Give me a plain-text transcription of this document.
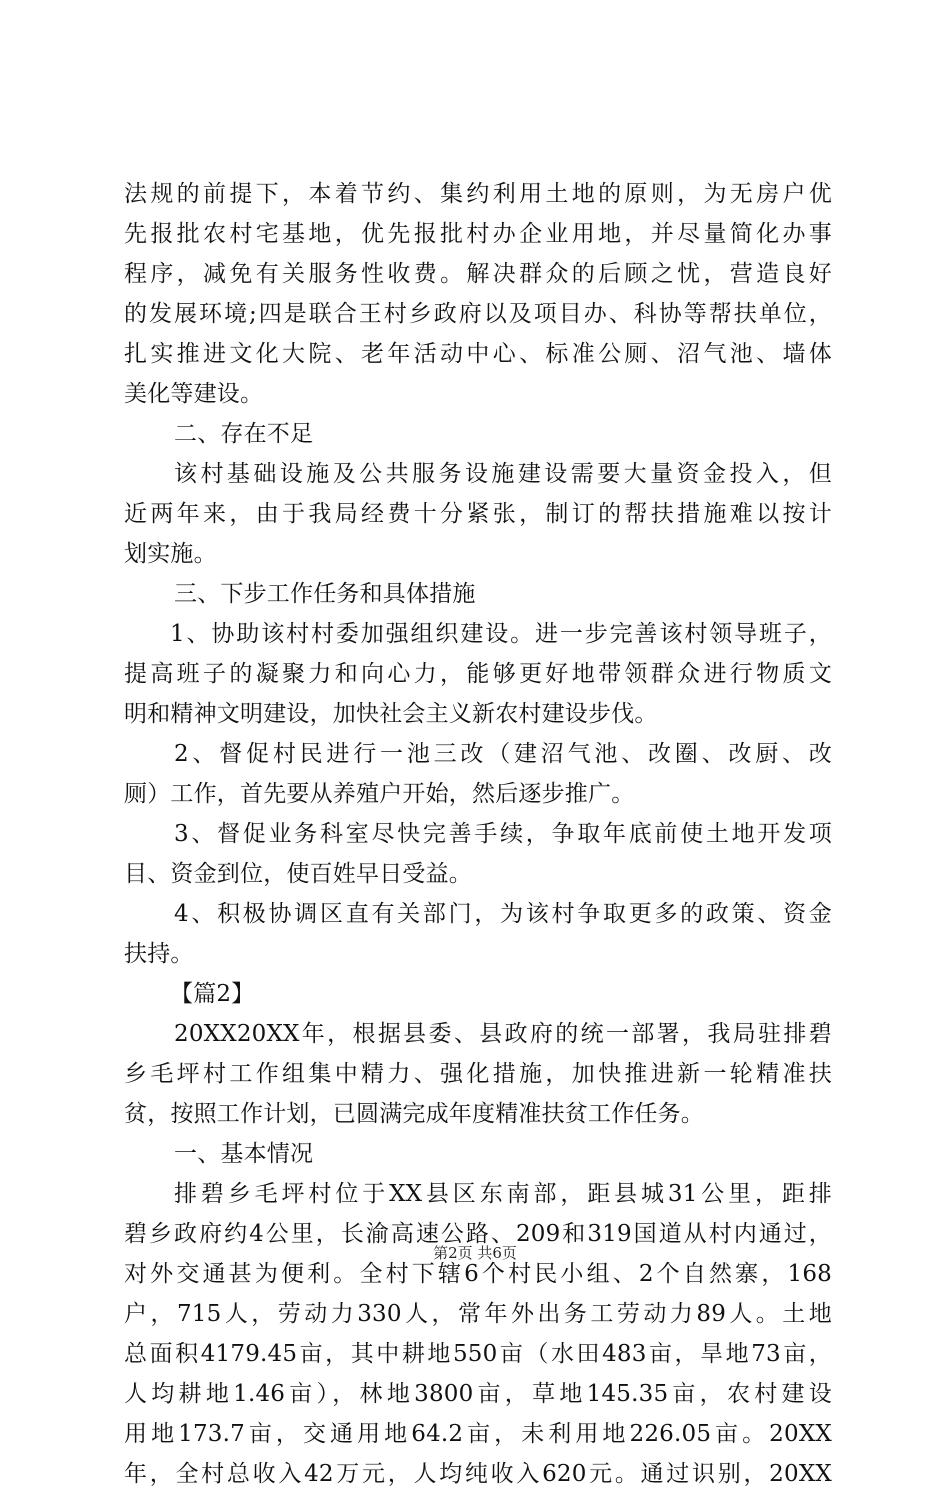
法规的前提下，本着节约、集约利用土地的原则，为无房户优
先报批农村宅基地，优先报批村办企业用地，并尽量简化办事
程序，减免有关服务性收费。解决群众的后顾之忧，营造良好
的发展环境;四是联合王村乡政府以及项目办、科协等帮扶单位，
扎实推进文化大院、老年活动中心、标准公厕、沼气池、墙体
美化等建设。
二、存在不足
该村基础设施及公共服务设施建设需要大量资金投入，但
近两年来，由于我局经费十分紧张，制订的帮扶措施难以按计
划实施。
三、下步工作任务和具体措施
1、协助该村村委加强组织建设。进一步完善该村领导班子，
提高班子的凝聚力和向心力，能够更好地带领群众进行物质文
明和精神文明建设，加快社会主义新农村建设步伐。
2、督促村民进行一池三改（建沼气池、改圈、改厨、改
厕）工作，首先要从养殖户开始，然后逐步推广。
3、督促业务科室尽快完善手续，争取年底前使土地开发项
目、资金到位，使百姓早日受益。
4、积极协调区直有关部门，为该村争取更多的政策、资金
扶持。
【篇2】
20XX20XX年，根据县委、县政府的统一部署，我局驻排碧
乡毛坪村工作组集中精力、强化措施，加快推进新一轮精准扶
贫，按照工作计划，已圆满完成年度精准扶贫工作任务。
一、基本情况
排碧乡毛坪村位于XX县区东南部，距县城31公里，距排
碧乡政府约4公里，长渝高速公路、209和319国道从村内通过，
对外交通甚为便利。全村下辖6个村民小组、2个自然寨，168
户，715人，劳动力330人，常年外出务工劳动力89人。土地
总面积4179.45亩，其中耕地550亩（水田483亩，旱地73亩，
人均耕地1.46亩），林地3800亩，草地145.35亩，农村建设
用地173.7亩，交通用地64.2亩，未利用地226.05亩。20XX
年，全村总收入42万元，人均纯收入620元。通过识别，20XX
第2页 共6页
